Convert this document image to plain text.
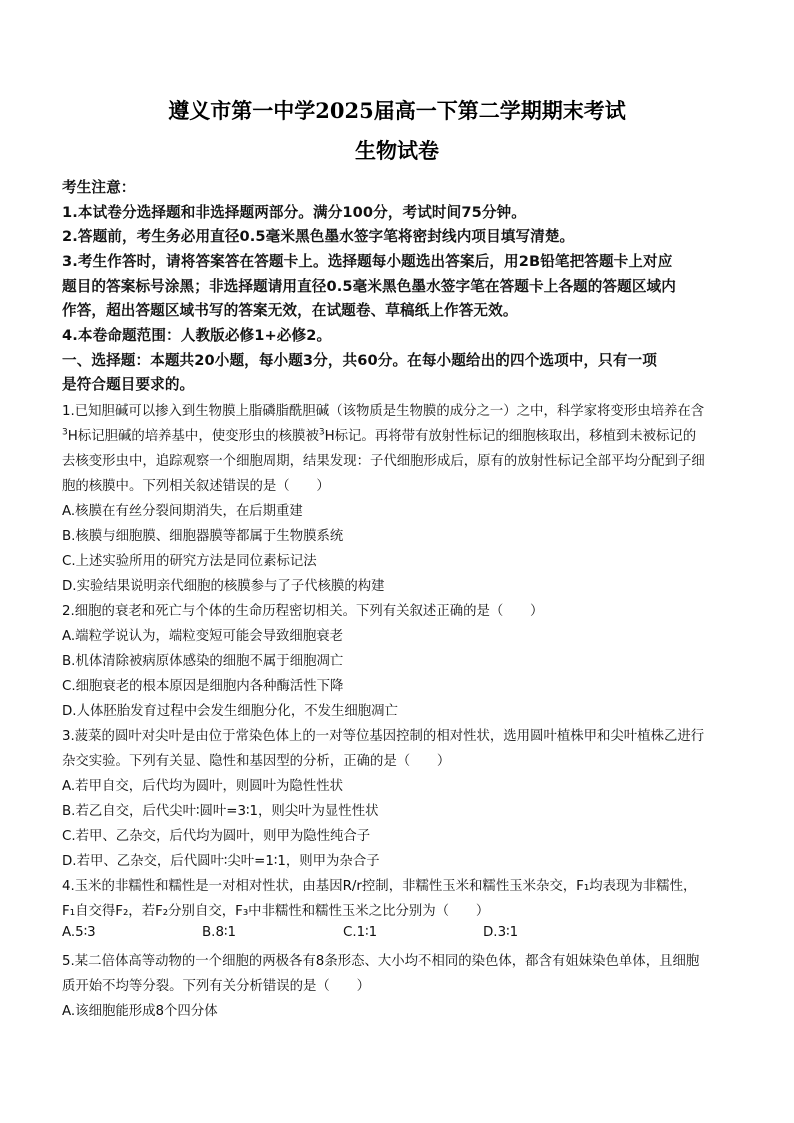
遵义市第一中学2025届高一下第二学期期末考试
生物试卷
考生注意：
1.本试卷分选择题和非选择题两部分。满分100分，考试时间75分钟。
2.答题前，考生务必用直径0.5毫米黑色墨水签字笔将密封线内项目填写清楚。
3.考生作答时，请将答案答在答题卡上。选择题每小题选出答案后，用2B铅笔把答题卡上对应
题目的答案标号涂黑；非选择题请用直径0.5毫米黑色墨水签字笔在答题卡上各题的答题区域内
作答，超出答题区域书写的答案无效，在试题卷、草稿纸上作答无效。
4.本卷命题范围：人教版必修1+必修2。
一、选择题：本题共20小题，每小题3分，共60分。在每小题给出的四个选项中，只有一项
是符合题目要求的。
1.已知胆碱可以掺入到生物膜上脂磷脂酰胆碱（该物质是生物膜的成分之一）之中，科学家将变形虫培养在含
$^3$H标记胆碱的培养基中，使变形虫的核膜被$^3$H标记。再将带有放射性标记的细胞核取出，移植到未被标记的
去核变形虫中，追踪观察一个细胞周期，结果发现：子代细胞形成后，原有的放射性标记全部平均分配到子细
胞的核膜中。下列相关叙述错误的是（　　）
A.核膜在有丝分裂间期消失，在后期重建
B.核膜与细胞膜、细胞器膜等都属于生物膜系统
C.上述实验所用的研究方法是同位素标记法
D.实验结果说明亲代细胞的核膜参与了子代核膜的构建
2.细胞的衰老和死亡与个体的生命历程密切相关。下列有关叙述正确的是（　　）
A.端粒学说认为，端粒变短可能会导致细胞衰老
B.机体清除被病原体感染的细胞不属于细胞凋亡
C.细胞衰老的根本原因是细胞内各种酶活性下降
D.人体胚胎发育过程中会发生细胞分化，不发生细胞凋亡
3.菠菜的圆叶对尖叶是由位于常染色体上的一对等位基因控制的相对性状，选用圆叶植株甲和尖叶植株乙进行
杂交实验。下列有关显、隐性和基因型的分析，正确的是（　　）
A.若甲自交，后代均为圆叶，则圆叶为隐性性状
B.若乙自交，后代尖叶∶圆叶=3∶1，则尖叶为显性性状
C.若甲、乙杂交，后代均为圆叶，则甲为隐性纯合子
D.若甲、乙杂交，后代圆叶∶尖叶=1∶1，则甲为杂合子
4.玉米的非糯性和糯性是一对相对性状，由基因R/r控制，非糯性玉米和糯性玉米杂交，F₁均表现为非糯性，
F₁自交得F₂，若F₂分别自交，F₃中非糯性和糯性玉米之比分别为（　　）
A.5∶3	B.8∶1	C.1∶1	D.3∶1
5.某二倍体高等动物的一个细胞的两极各有8条形态、大小均不相同的染色体，都含有姐妹染色单体，且细胞
质开始不均等分裂。下列有关分析错误的是（　　）
A.该细胞能形成8个四分体
